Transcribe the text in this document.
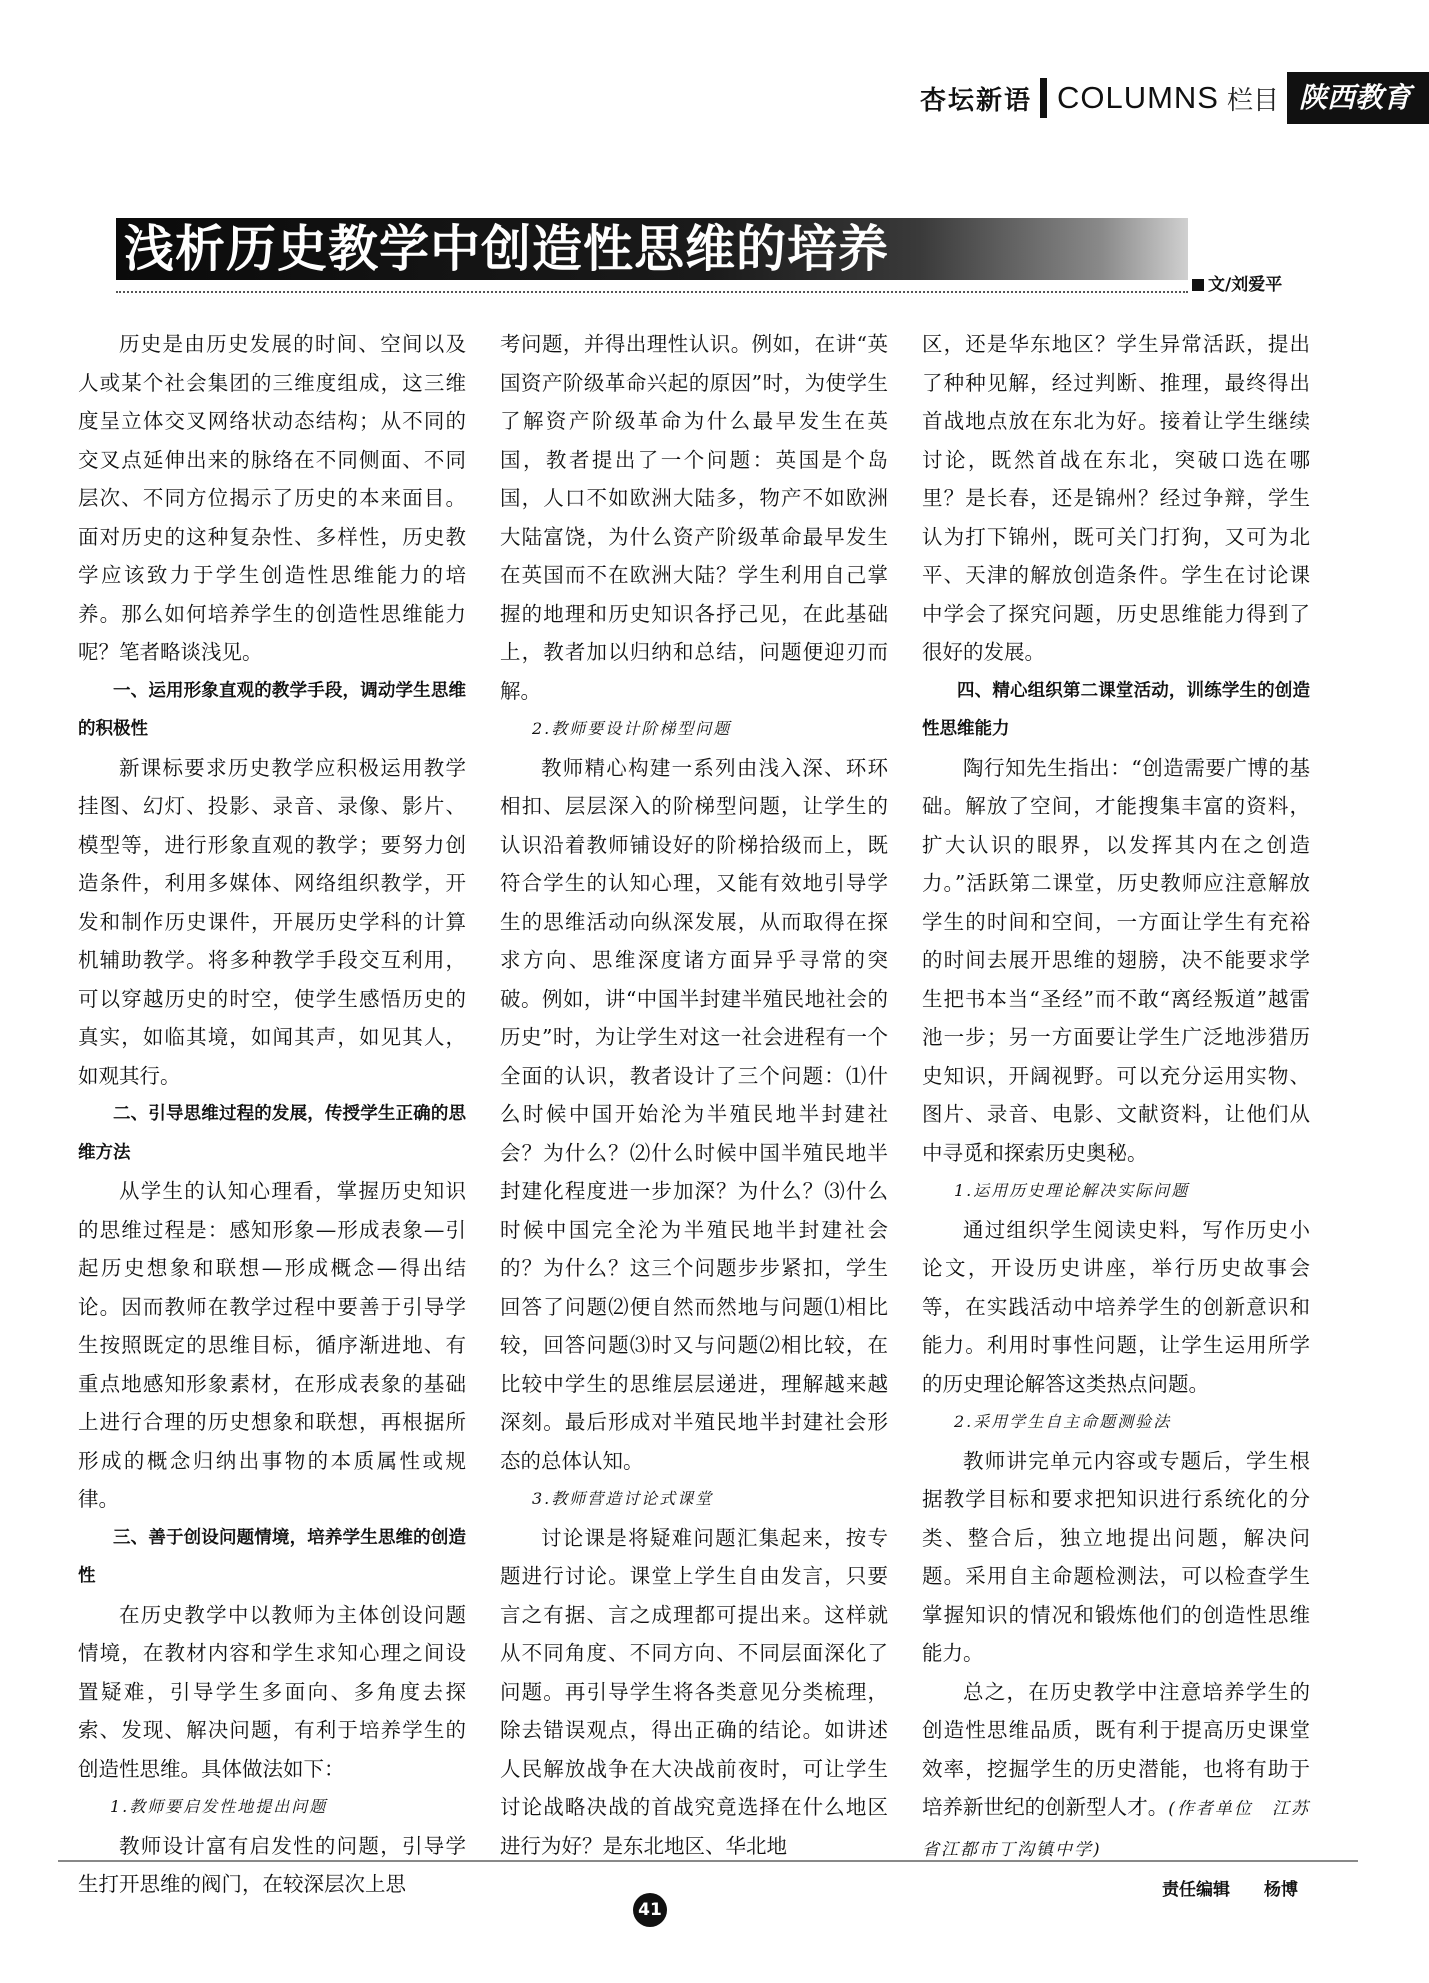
杏坛新语 COLUMNS 栏目 陕西教育
浅析历史教学中创造性思维的培养
文/刘爱平

历史是由历史发展的时间、空间以及人或某个社会集团的三维度组成，这三维度呈立体交叉网络状动态结构；从不同的交叉点延伸出来的脉络在不同侧面、不同层次、不同方位揭示了历史的本来面目。面对历史的这种复杂性、多样性，历史教学应该致力于学生创造性思维能力的培养。那么如何培养学生的创造性思维能力呢？笔者略谈浅见。

一、运用形象直观的教学手段，调动学生思维的积极性

新课标要求历史教学应积极运用教学挂图、幻灯、投影、录音、录像、影片、模型等，进行形象直观的教学；要努力创造条件，利用多媒体、网络组织教学，开发和制作历史课件，开展历史学科的计算机辅助教学。将多种教学手段交互利用，可以穿越历史的时空，使学生感悟历史的真实，如临其境，如闻其声，如见其人，如观其行。

二、引导思维过程的发展，传授学生正确的思维方法

从学生的认知心理看，掌握历史知识的思维过程是：感知形象—形成表象—引起历史想象和联想—形成概念—得出结论。因而教师在教学过程中要善于引导学生按照既定的思维目标，循序渐进地、有重点地感知形象素材，在形成表象的基础上进行合理的历史想象和联想，再根据所形成的概念归纳出事物的本质属性或规律。

三、善于创设问题情境，培养学生思维的创造性

在历史教学中以教师为主体创设问题情境，在教材内容和学生求知心理之间设置疑难，引导学生多面向、多角度去探索、发现、解决问题，有利于培养学生的创造性思维。具体做法如下：

1.教师要启发性地提出问题

教师设计富有启发性的问题，引导学生打开思维的阀门，在较深层次上思

考问题，并得出理性认识。例如，在讲“英国资产阶级革命兴起的原因”时，为使学生了解资产阶级革命为什么最早发生在英国，教者提出了一个问题：英国是个岛国，人口不如欧洲大陆多，物产不如欧洲大陆富饶，为什么资产阶级革命最早发生在英国而不在欧洲大陆？学生利用自己掌握的地理和历史知识各抒己见，在此基础上，教者加以归纳和总结，问题便迎刃而解。

2.教师要设计阶梯型问题

教师精心构建一系列由浅入深、环环相扣、层层深入的阶梯型问题，让学生的认识沿着教师铺设好的阶梯拾级而上，既符合学生的认知心理，又能有效地引导学生的思维活动向纵深发展，从而取得在探求方向、思维深度诸方面异乎寻常的突破。例如，讲“中国半封建半殖民地社会的历史”时，为让学生对这一社会进程有一个全面的认识，教者设计了三个问题：⑴什么时候中国开始沦为半殖民地半封建社会？为什么？⑵什么时候中国半殖民地半封建化程度进一步加深？为什么？⑶什么时候中国完全沦为半殖民地半封建社会的？为什么？这三个问题步步紧扣，学生回答了问题⑵便自然而然地与问题⑴相比较，回答问题⑶时又与问题⑵相比较，在比较中学生的思维层层递进，理解越来越深刻。最后形成对半殖民地半封建社会形态的总体认知。

3.教师营造讨论式课堂

讨论课是将疑难问题汇集起来，按专题进行讨论。课堂上学生自由发言，只要言之有据、言之成理都可提出来。这样就从不同角度、不同方向、不同层面深化了问题。再引导学生将各类意见分类梳理，除去错误观点，得出正确的结论。如讲述人民解放战争在大决战前夜时，可让学生讨论战略决战的首战究竟选择在什么地区进行为好？是东北地区、华北地

区，还是华东地区？学生异常活跃，提出了种种见解，经过判断、推理，最终得出首战地点放在东北为好。接着让学生继续讨论，既然首战在东北，突破口选在哪里？是长春，还是锦州？经过争辩，学生认为打下锦州，既可关门打狗，又可为北平、天津的解放创造条件。学生在讨论课中学会了探究问题，历史思维能力得到了很好的发展。

四、精心组织第二课堂活动，训练学生的创造性思维能力

陶行知先生指出：“创造需要广博的基础。解放了空间，才能搜集丰富的资料，扩大认识的眼界，以发挥其内在之创造力。”活跃第二课堂，历史教师应注意解放学生的时间和空间，一方面让学生有充裕的时间去展开思维的翅膀，决不能要求学生把书本当“圣经”而不敢“离经叛道”越雷池一步；另一方面要让学生广泛地涉猎历史知识，开阔视野。可以充分运用实物、图片、录音、电影、文献资料，让他们从中寻觅和探索历史奥秘。

1.运用历史理论解决实际问题

通过组织学生阅读史料，写作历史小论文，开设历史讲座，举行历史故事会等，在实践活动中培养学生的创新意识和能力。利用时事性问题，让学生运用所学的历史理论解答这类热点问题。

2.采用学生自主命题测验法

教师讲完单元内容或专题后，学生根据教学目标和要求把知识进行系统化的分类、整合后，独立地提出问题，解决问题。采用自主命题检测法，可以检查学生掌握知识的情况和锻炼他们的创造性思维能力。

总之，在历史教学中注意培养学生的创造性思维品质，既有利于提高历史课堂效率，挖掘学生的历史潜能，也将有助于培养新世纪的创新型人才。(作者单位　江苏省江都市丁沟镇中学)

责任编辑　　杨博
41
